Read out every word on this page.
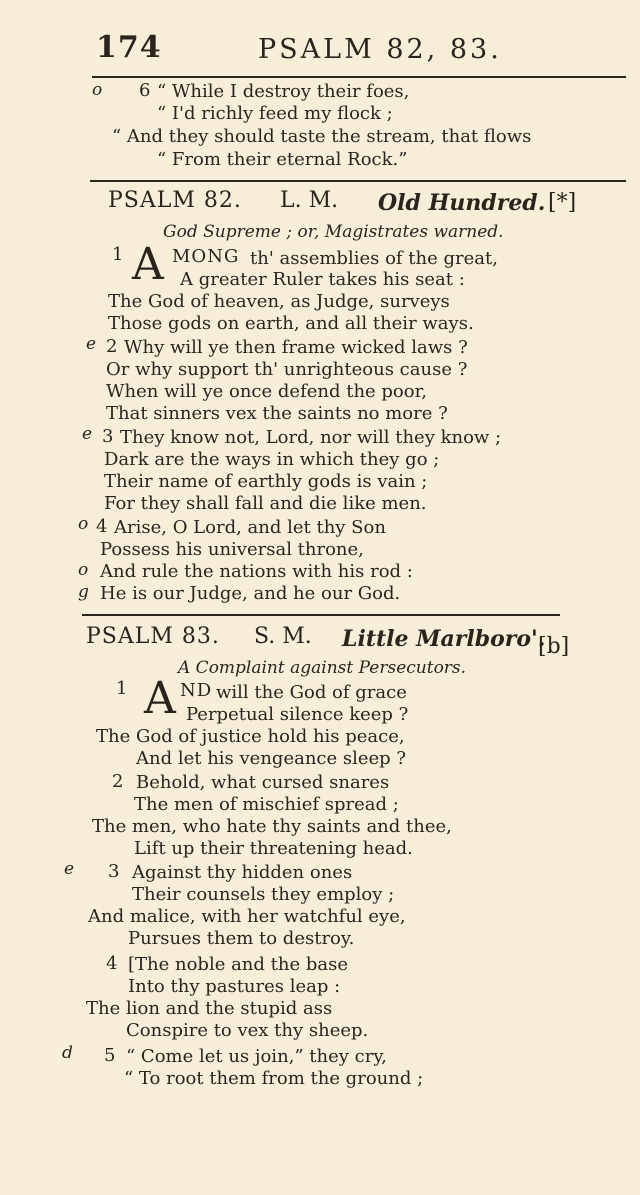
174	PSALM 82, 83.
o 6 “ While I destroy their foes,
“ I'd richly feed my flock ;
“ And they should taste the stream, that flows
“ From their eternal Rock.”
PSALM 82. L. M. Old Hundred. [*]
God Supreme ; or, Magistrates warned.
1 A MONG th' assemblies of the great,
A greater Ruler takes his seat :
The God of heaven, as Judge, surveys
Those gods on earth, and all their ways.
e 2 Why will ye then frame wicked laws ?
Or why support th' unrighteous cause ?
When will ye once defend the poor,
That sinners vex the saints no more ?
e 3 They know not, Lord, nor will they know ;
Dark are the ways in which they go ;
Their name of earthly gods is vain ;
For they shall fall and die like men.
o 4 Arise, O Lord, and let thy Son
Possess his universal throne,
o And rule the nations with his rod :
g He is our Judge, and he our God.
PSALM 83. S. M. Little Marlboro'.
[b]
A Complaint against Persecutors.
1 A ND will the God of grace
Perpetual silence keep ?
The God of justice hold his peace,
And let his vengeance sleep ?
2 Behold, what cursed snares
The men of mischief spread ;
The men, who hate thy saints and thee,
Lift up their threatening head.
e 3 Against thy hidden ones
Their counsels they employ ;
And malice, with her watchful eye,
Pursues them to destroy.
4 [The noble and the base
Into thy pastures leap :
The lion and the stupid ass
Conspire to vex thy sheep.
d 5 “ Come let us join,” they cry,
“ To root them from the ground ;
